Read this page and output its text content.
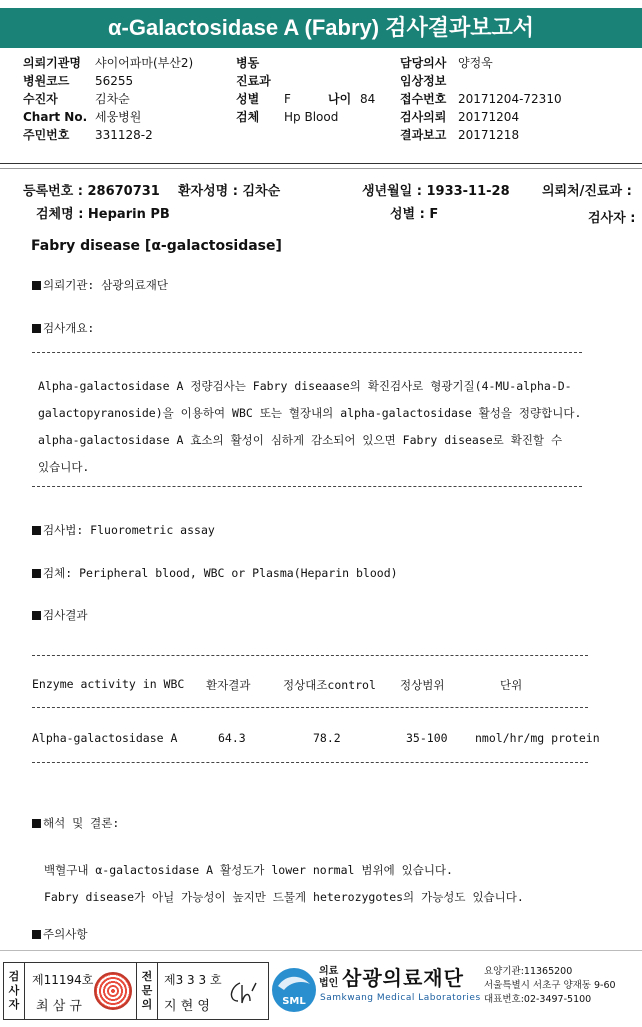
α-Galactosidase A (Fabry) 검사결과보고서
의뢰기관명 샤이어파마(부산2)
병원코드 56255
수진자	김차순
Chart No. 세웅병원
주민번호 331128-2
병동
진료과
성별 F	나이 84
검체 Hp Blood
담당의사 양정욱
임상정보
접수번호 20171204-72310
검사의뢰 20171204
결과보고 20171218
등록번호 : 28670731 환자성명 : 김차순	생년월일 : 1933-11-28 의뢰처/진료과 :
검체명 : Heparin PB	성별 : F	검사자 :
Fabry disease [α-galactosidase]
의뢰기관: 삼광의료재단
검사개요:
Alpha-galactosidase A 정량검사는 Fabry diseaase의 확진검사로 형광기질(4-MU-alpha-D-
galactopyranoside)을 이용하여 WBC 또는 혈장내의 alpha-galactosidase 활성을 정량합니다.
alpha-galactosidase A 효소의 활성이 심하게 감소되어 있으면 Fabry disease로 확진할 수
있습니다.
검사법: Fluorometric assay
검체: Peripheral blood, WBC or Plasma(Heparin blood)
검사결과
Enzyme activity in WBC 환자결과	정상대조control 정상범위	단위
Alpha-galactosidase A	64.3	78.2	35-100 nmol/hr/mg protein
해석 및 결론:
백혈구내 α-galactosidase A 활성도가 lower normal 범위에 있습니다.
Fabry disease가 아닐 가능성이 높지만 드물게 heterozygotes의 가능성도 있습니다.
주의사항
검사자
제11194호
최 삼 규
전문의
제3 3 3 호
지 현 영	SML
의료
법인 삼광의료재단
Samkwang Medical Laboratories
요양기관:11365200
서울특별시 서초구 양재동 9-60
대표번호:02-3497-5100
